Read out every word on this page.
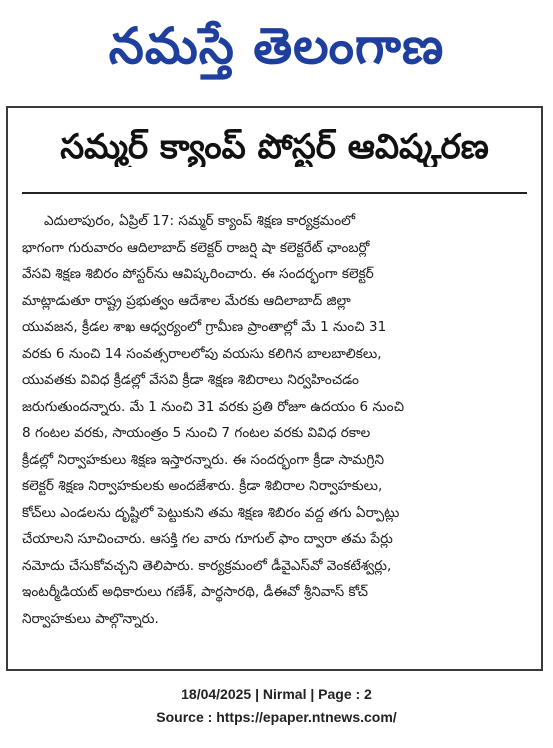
నమస్తే తెలంగాణ
సమ్మర్ క్యాంప్ పోస్టర్ ఆవిష్కరణ
ఎదులాపురం, ఏప్రిల్ 17: సమ్మర్ క్యాంప్ శిక్షణ కార్యక్రమంలో
భాగంగా గురువారం ఆదిలాబాద్ కలెక్టర్ రాజర్షి షా కలెక్టరేట్ ఛాంబర్లో
వేసవి శిక్షణ శిబిరం పోస్టర్‌ను ఆవిష్కరించారు. ఈ సందర్భంగా కలెక్టర్
మాట్లాడుతూ రాష్ట్ర ప్రభుత్వం ఆదేశాల మేరకు ఆదిలాబాద్ జిల్లా
యువజన, క్రీడల శాఖ ఆధ్వర్యంలో గ్రామీణ ప్రాంతాల్లో మే 1 నుంచి 31
వరకు 6 నుంచి 14 సంవత్సరాలలోపు వయసు కలిగిన బాలబాలికలు,
యువతకు వివిధ క్రీడల్లో వేసవి క్రీడా శిక్షణ శిబిరాలు నిర్వహించడం
జరుగుతుందన్నారు. మే 1 నుంచి 31 వరకు ప్రతి రోజూ ఉదయం 6 నుంచి
8 గంటల వరకు, సాయంత్రం 5 నుంచి 7 గంటల వరకు వివిధ రకాల
క్రీడల్లో నిర్వాహకులు శిక్షణ ఇస్తారన్నారు. ఈ సందర్భంగా క్రీడా సామగ్రిని
కలెక్టర్ శిక్షణ నిర్వాహకులకు అందజేశారు. క్రీడా శిబిరాల నిర్వాహకులు,
కోచ్‌లు ఎండలను దృష్టిలో పెట్టుకుని తమ శిక్షణ శిబిరం వద్ద తగు ఏర్పాట్లు
చేయాలని సూచించారు. ఆసక్తి గల వారు గూగుల్ ఫాం ద్వారా తమ పేర్లు
నమోదు చేసుకోవచ్చని తెలిపారు. కార్యక్రమంలో డీవైఎస్‌వో వెంకటేశ్వర్లు,
ఇంటర్మీడియట్ అధికారులు గణేశ్, పార్థసారథి, డీఈవో శ్రీనివాస్ కోచ్
నిర్వాహకులు పాల్గొన్నారు.
18/04/2025 | Nirmal | Page : 2
Source : https://epaper.ntnews.com/
